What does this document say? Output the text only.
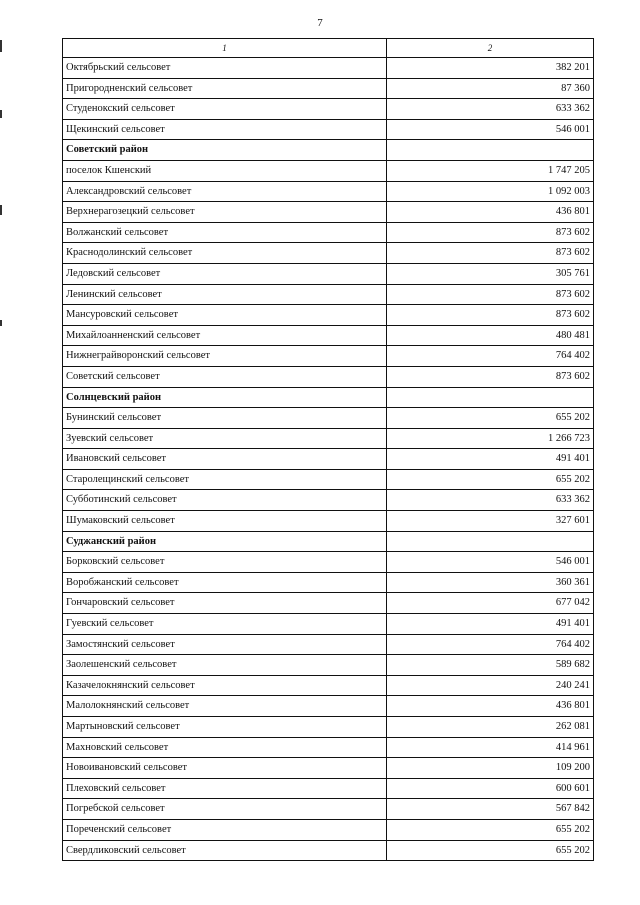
7
1	2
Октябрьский сельсовет	382 201
Пригородненский сельсовет	87 360
Студенокский сельсовет	633 362
Щекинский сельсовет	546 001
Советский район	
поселок Кшенский	1 747 205
Александровский сельсовет	1 092 003
Верхнерагозецкий сельсовет	436 801
Волжанский сельсовет	873 602
Краснодолинский сельсовет	873 602
Ледовский сельсовет	305 761
Ленинский сельсовет	873 602
Мансуровский сельсовет	873 602
Михайлоанненский сельсовет	480 481
Нижнеграйворонский сельсовет	764 402
Советский сельсовет	873 602
Солнцевский район	
Бунинский сельсовет	655 202
Зуевский сельсовет	1 266 723
Ивановский сельсовет	491 401
Старолещинский сельсовет	655 202
Субботинский сельсовет	633 362
Шумаковский сельсовет	327 601
Суджанский район	
Борковский сельсовет	546 001
Воробжанский сельсовет	360 361
Гончаровский сельсовет	677 042
Гуевский сельсовет	491 401
Замостянский сельсовет	764 402
Заолешенский сельсовет	589 682
Казачелокнянский сельсовет	240 241
Малолокнянский сельсовет	436 801
Мартыновский сельсовет	262 081
Махновский сельсовет	414 961
Новоивановский сельсовет	109 200
Плеховский сельсовет	600 601
Погребской сельсовет	567 842
Пореченский сельсовет	655 202
Свердликовский сельсовет	655 202
